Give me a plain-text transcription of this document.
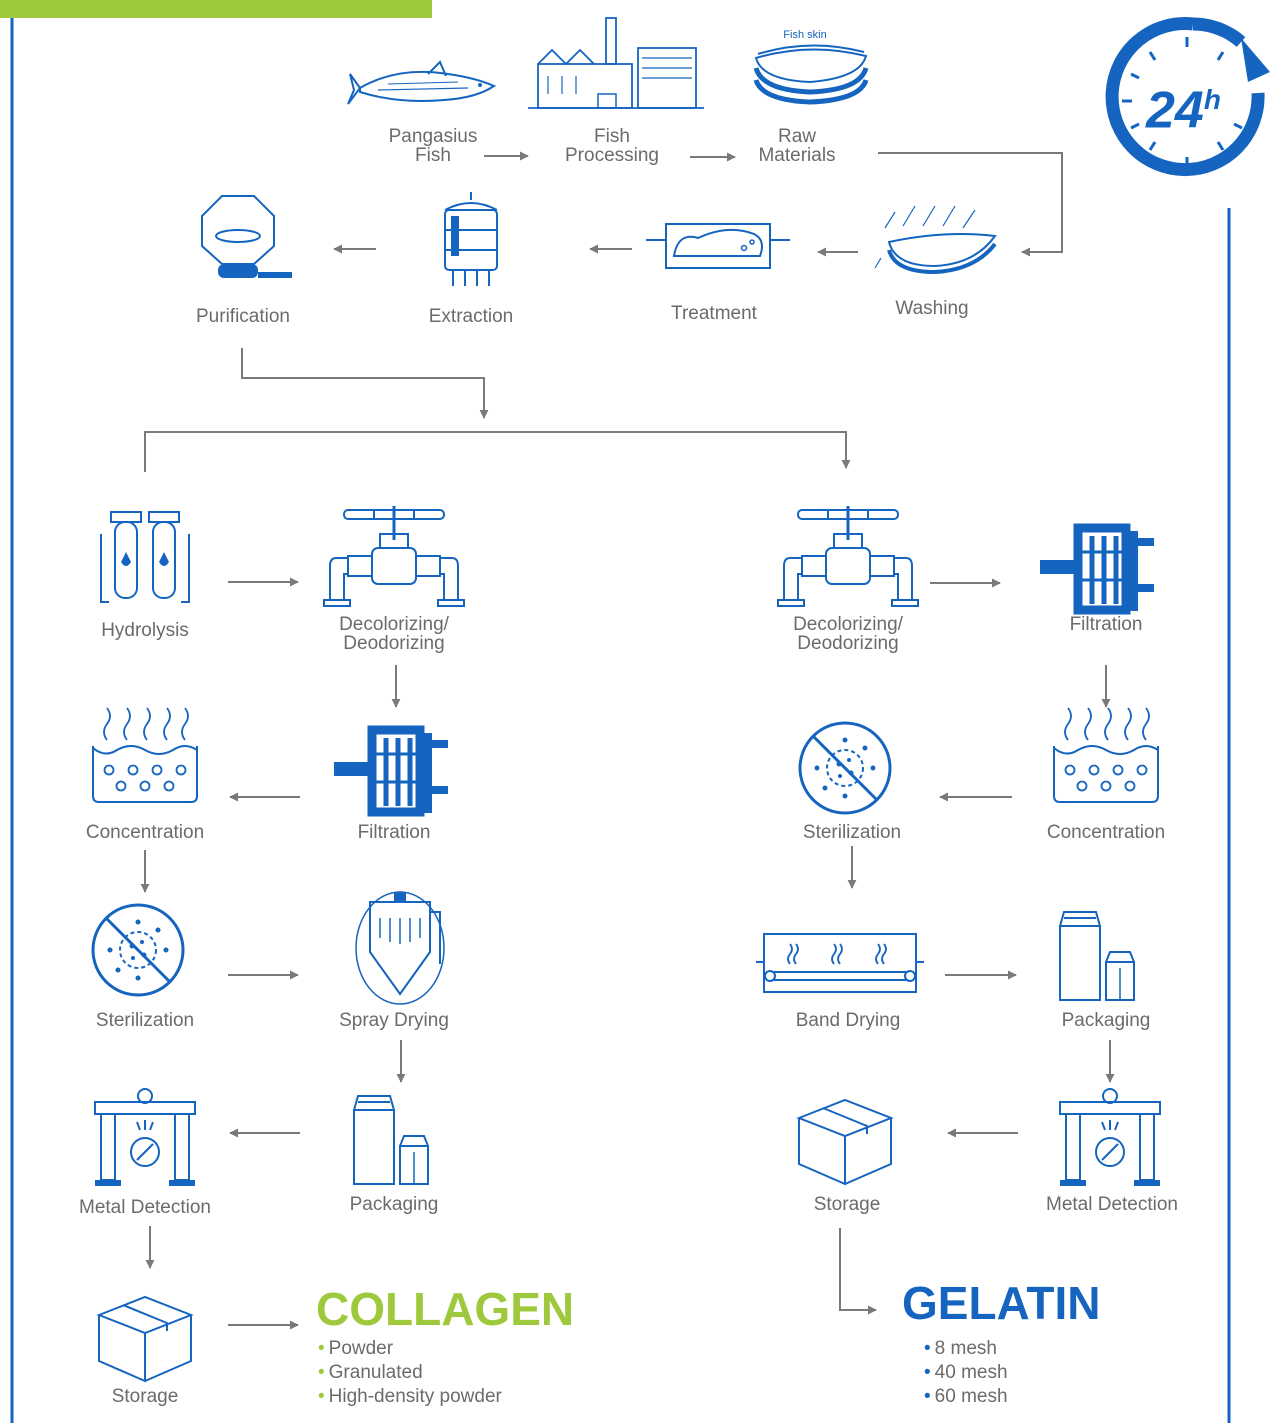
Fish skin
24$^h$
Pangasius
Fish
Fish
Processing
Raw
Materials
Washing
Treatment
Extraction
Purification
Hydrolysis	Decolorizing/
Deodorizing
Filtration
Concentration
Sterilization	Spray Drying
Packaging
Metal Detection
Storage
Decolorizing/
Deodorizing
Filtration
Concentration
Sterilization
Band Drying	Packaging
Metal Detection
Storage
COLLAGEN
• Powder
• Granulated
• High-density powder
GELATIN
• 8 mesh
• 40 mesh
• 60 mesh
